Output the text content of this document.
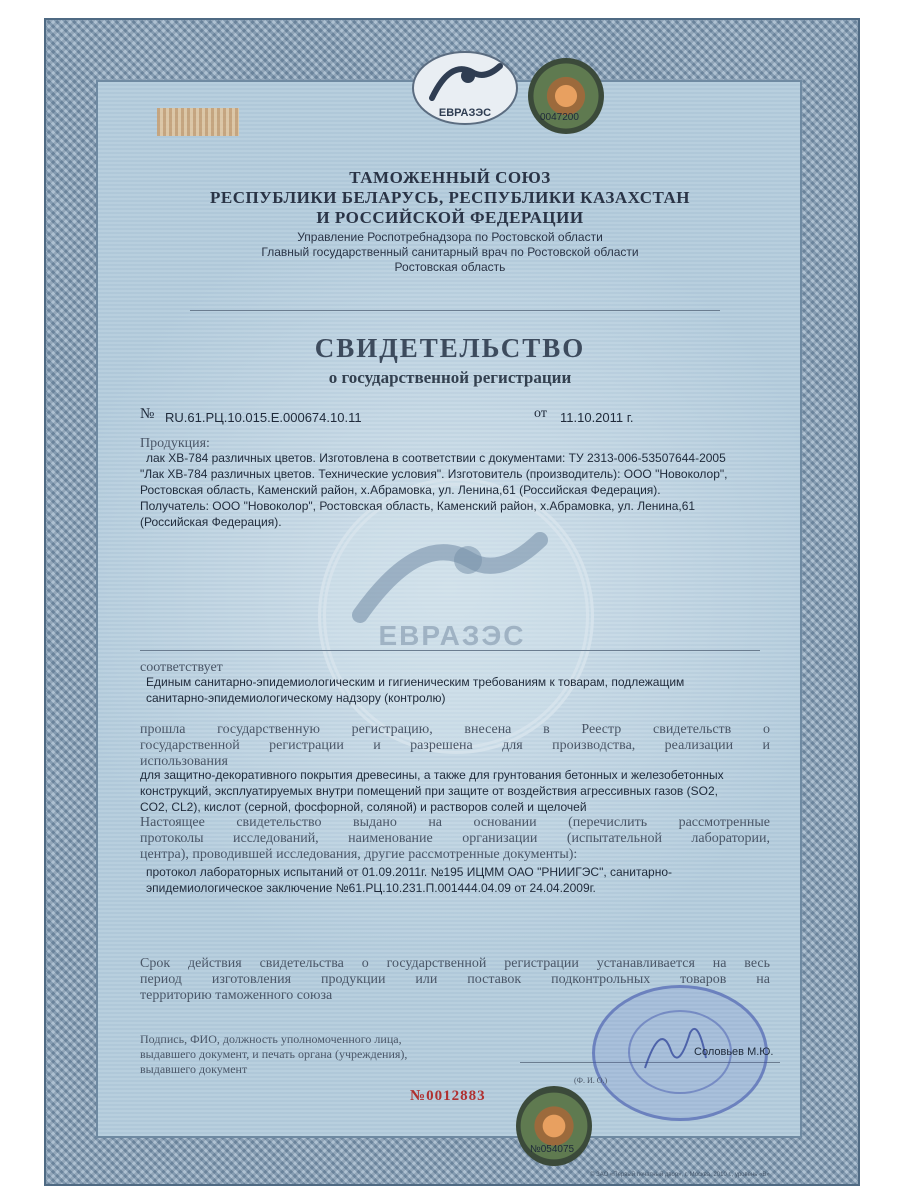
ЕВРАЗЭС	0047200
ТАМОЖЕННЫЙ СОЮЗ
РЕСПУБЛИКИ БЕЛАРУСЬ, РЕСПУБЛИКИ КАЗАХСТАН
И РОССИЙСКОЙ ФЕДЕРАЦИИ
Управление Роспотребнадзора по Ростовской области
Главный государственный санитарный врач по Ростовской области
Ростовская область
СВИДЕТЕЛЬСТВО
о государственной регистрации
№ RU.61.РЦ.10.015.Е.000674.10.11	от 11.10.2011 г.
ЕВРАЗЭС
Продукция:
лак ХВ-784 различных цветов. Изготовлена в соответствии с документами: ТУ 2313-006-53507644-2005
"Лак ХВ-784 различных цветов. Технические условия". Изготовитель (производитель): ООО "Новоколор",
Ростовская область, Каменский район, х.Абрамовка, ул. Ленина,61 (Российская Федерация).
Получатель: ООО "Новоколор", Ростовская область, Каменский район, х.Абрамовка, ул. Ленина,61
(Российская Федерация).
соответствует
Единым санитарно-эпидемиологическим и гигиеническим требованиям к товарам, подлежащим
санитарно-эпидемиологическому надзору (контролю)
прошла государственную регистрацию, внесена в Реестр свидетельств о
государственной регистрации и разрешена для производства, реализации и
использования
для защитно-декоративного покрытия древесины, а также для грунтования бетонных и железобетонных
конструкций, эксплуатируемых внутри помещений при защите от воздействия агрессивных газов (SO2,
CO2, CL2), кислот (серной, фосфорной, соляной) и растворов солей и щелочей
Настоящее свидетельство выдано на основании (перечислить рассмотренные
протоколы исследований, наименование организации (испытательной лаборатории,
центра), проводившей исследования, другие рассмотренные документы):
протокол лабораторных испытаний от 01.09.2011г. №195 ИЦММ ОАО "РНИИГЭС", санитарно-
эпидемиологическое заключение №61.РЦ.10.231.П.001444.04.09 от 24.04.2009г.
Срок действия свидетельства о государственной регистрации устанавливается на весь
период изготовления продукции или поставок подконтрольных товаров на
территорию таможенного союза
Подпись, ФИО, должность уполномоченного лица,
выдавшего документ, и печать органа (учреждения),
выдавшего документ
Соловьев М.Ю.
(Ф. И. О.)
№0012883
№054075
© ЗАО «Первый печатный двор», г. Москва, 2010 г., уровень «В»
